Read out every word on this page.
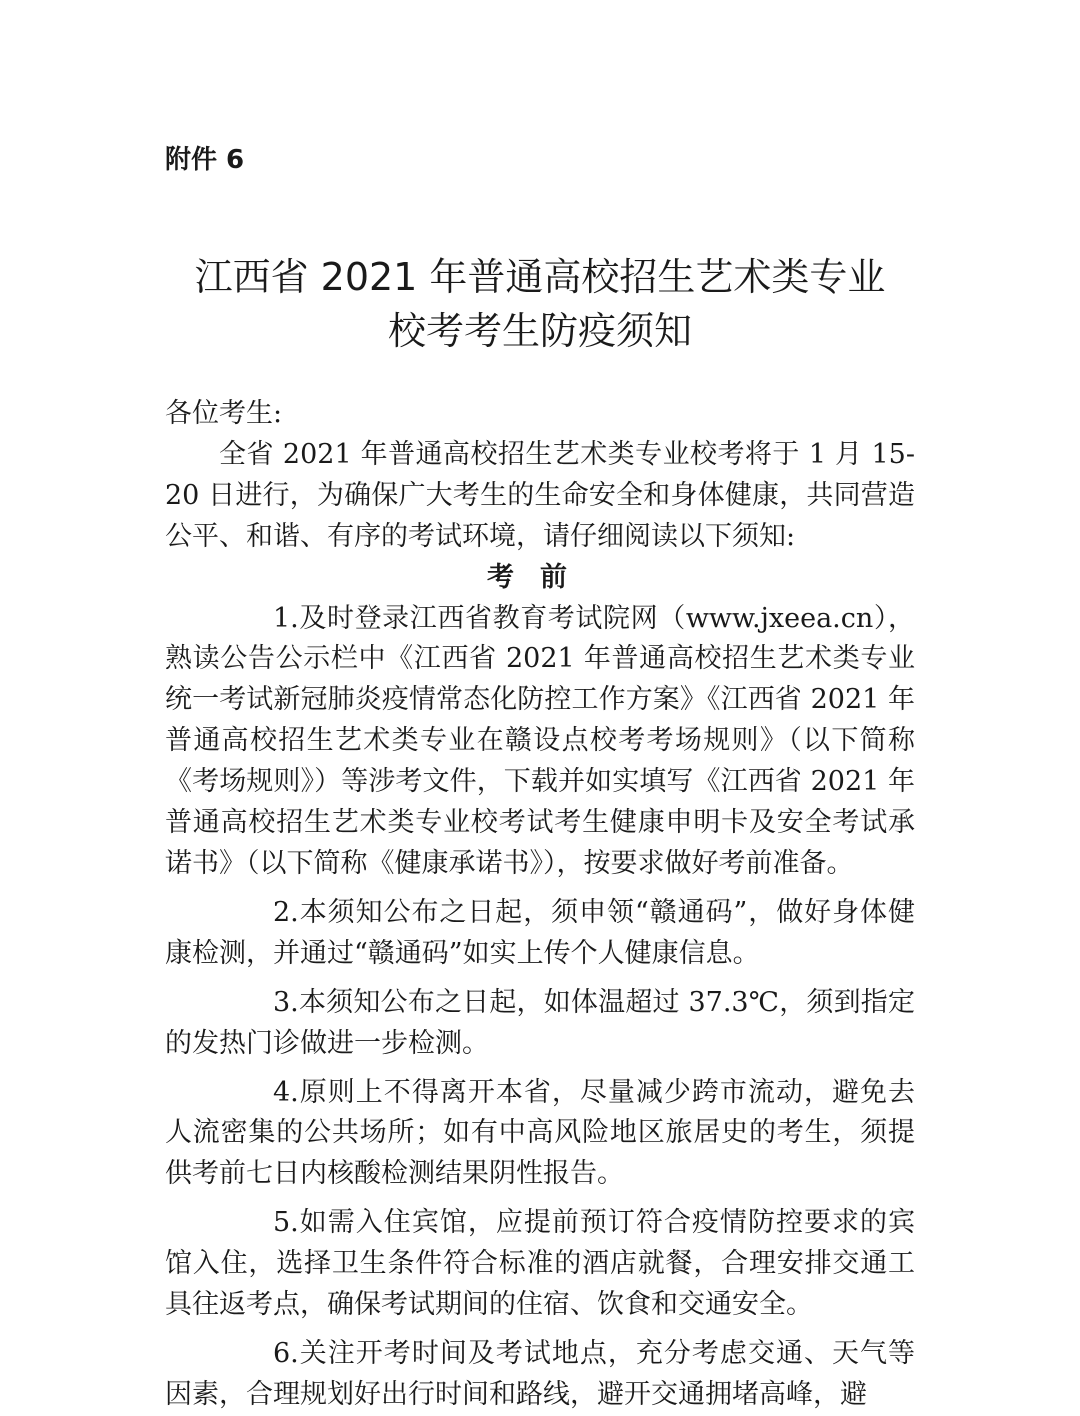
附件 6
江西省 2021 年普通高校招生艺术类专业
校考考生防疫须知

各位考生:

全省 2021 年普通高校招生艺术类专业校考将于 1 月 15-20 日进行，为确保广大考生的生命安全和身体健康，共同营造公平、和谐、有序的考试环境，请仔细阅读以下须知:

考前

1.及时登录江西省教育考试院网（www.jxeea.cn），熟读公告公示栏中《江西省 2021 年普通高校招生艺术类专业统一考试新冠肺炎疫情常态化防控工作方案》《江西省 2021 年普通高校招生艺术类专业在赣设点校考考场规则》（以下简称《考场规则》）等涉考文件，下载并如实填写《江西省 2021 年普通高校招生艺术类专业校考试考生健康申明卡及安全考试承诺书》（以下简称《健康承诺书》），按要求做好考前准备。

2.本须知公布之日起，须申领“赣通码”，做好身体健康检测，并通过“赣通码”如实上传个人健康信息。

3.本须知公布之日起，如体温超过 37.3℃，须到指定的发热门诊做进一步检测。

4.原则上不得离开本省，尽量减少跨市流动，避免去人流密集的公共场所；如有中高风险地区旅居史的考生，须提供考前七日内核酸检测结果阴性报告。

5.如需入住宾馆，应提前预订符合疫情防控要求的宾馆入住，选择卫生条件符合标准的酒店就餐，合理安排交通工具往返考点，确保考试期间的住宿、饮食和交通安全。

6.关注开考时间及考试地点，充分考虑交通、天气等因素，合理规划好出行时间和路线，避开交通拥堵高峰，避
